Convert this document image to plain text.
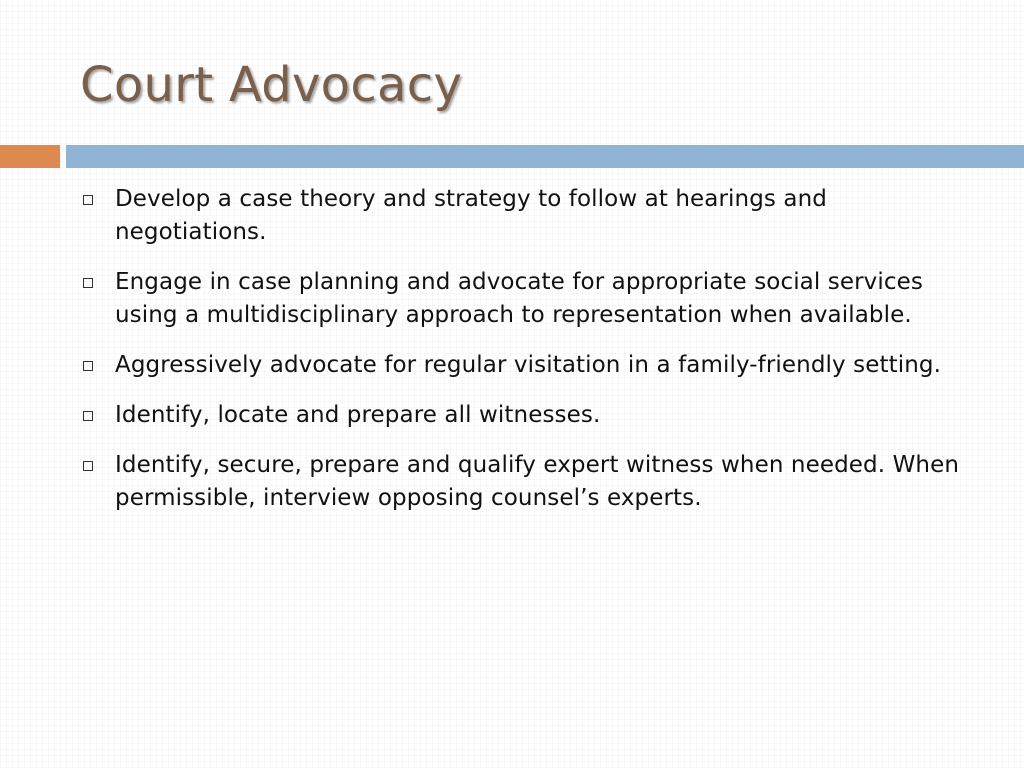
Court Advocacy
Develop a case theory and strategy to follow at hearings and negotiations.
Engage in case planning and advocate for appropriate social services using a multidisciplinary approach to representation when available.
Aggressively advocate for regular visitation in a family-friendly setting.
Identify, locate and prepare all witnesses.
Identify, secure, prepare and qualify expert witness when needed. When permissible, interview opposing counsel’s experts.
